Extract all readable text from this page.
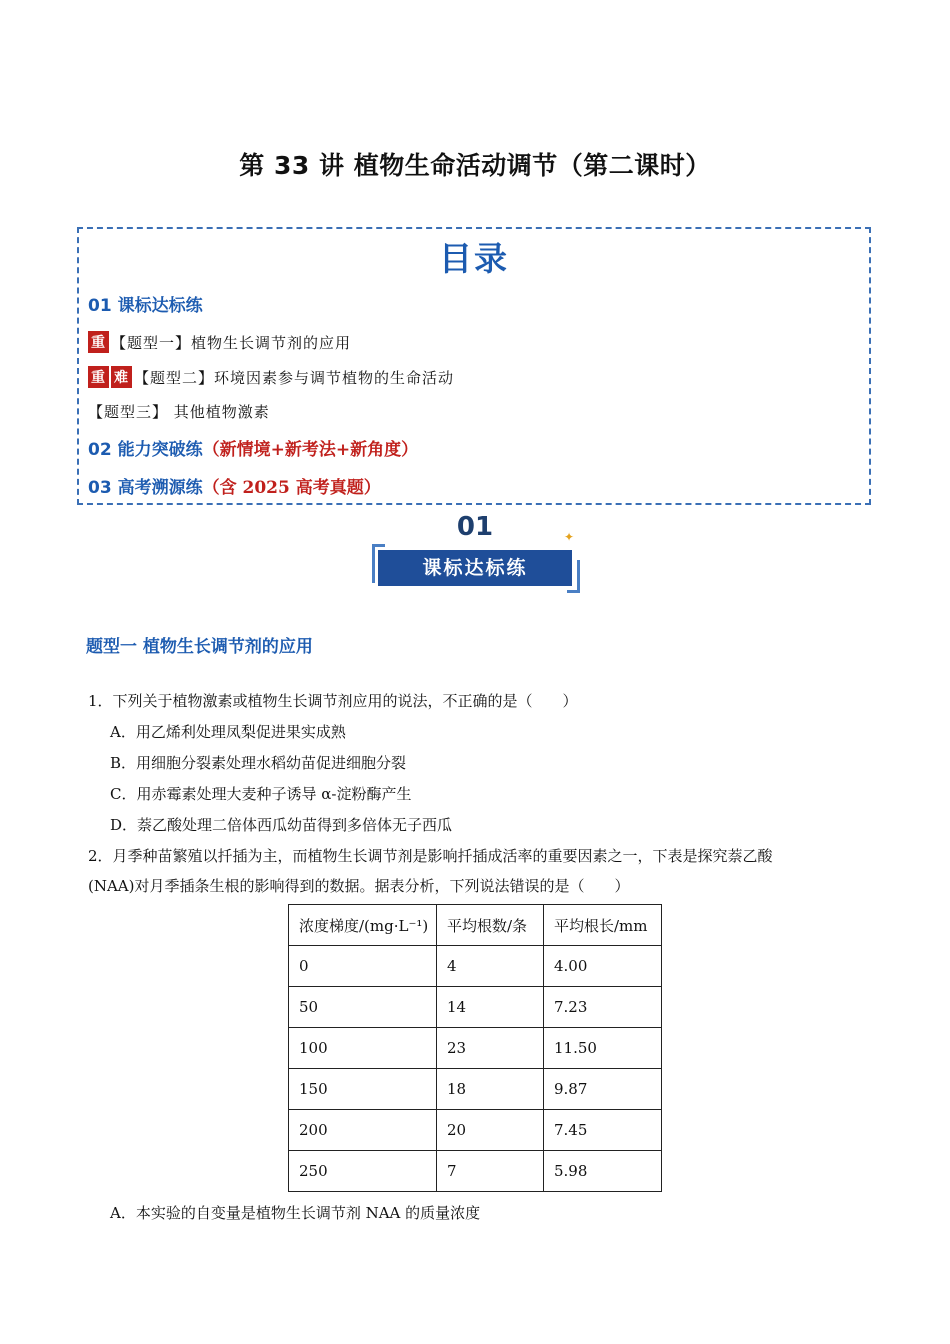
第 33 讲 植物生命活动调节（第二课时）
目录
01 课标达标练
重 【题型一】植物生长调节剂的应用
重 难 【题型二】环境因素参与调节植物的生命活动
【题型三】 其他植物激素
02 能力突破练（新情境+新考法+新角度）
03 高考溯源练（含 2025 高考真题）
01	✦
课标达标练
题型一 植物生长调节剂的应用
1．下列关于植物激素或植物生长调节剂应用的说法，不正确的是（　　）
A．用乙烯利处理凤梨促进果实成熟
B．用细胞分裂素处理水稻幼苗促进细胞分裂
C．用赤霉素处理大麦种子诱导 α-淀粉酶产生
D．萘乙酸处理二倍体西瓜幼苗得到多倍体无子西瓜
2．月季种苗繁殖以扦插为主，而植物生长调节剂是影响扦插成活率的重要因素之一，下表是探究萘乙酸
(NAA)对月季插条生根的影响得到的数据。据表分析，下列说法错误的是（　　）
浓度梯度/(mg·L⁻¹)	平均根数/条	平均根长/mm
0	4	4.00
50	14	7.23
100	23	11.50
150	18	9.87
200	20	7.45
250	7	5.98
A．本实验的自变量是植物生长调节剂 NAA 的质量浓度
